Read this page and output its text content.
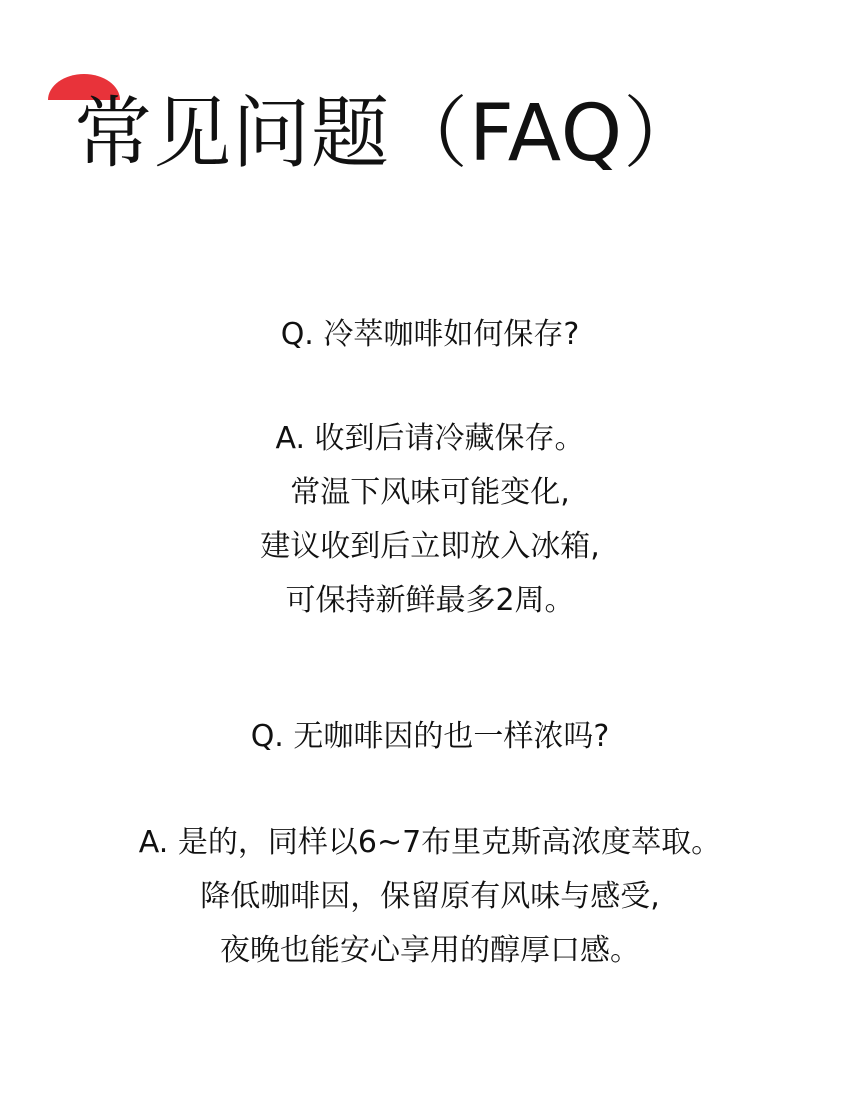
常见问题（FAQ）

Q. 冷萃咖啡如何保存?

A. 收到后请冷藏保存。

常温下风味可能变化,

建议收到后立即放入冰箱,

可保持新鲜最多2周。

Q. 无咖啡因的也一样浓吗?

A. 是的，同样以6~7布里克斯高浓度萃取。

降低咖啡因，保留原有风味与感受,

夜晚也能安心享用的醇厚口感。
